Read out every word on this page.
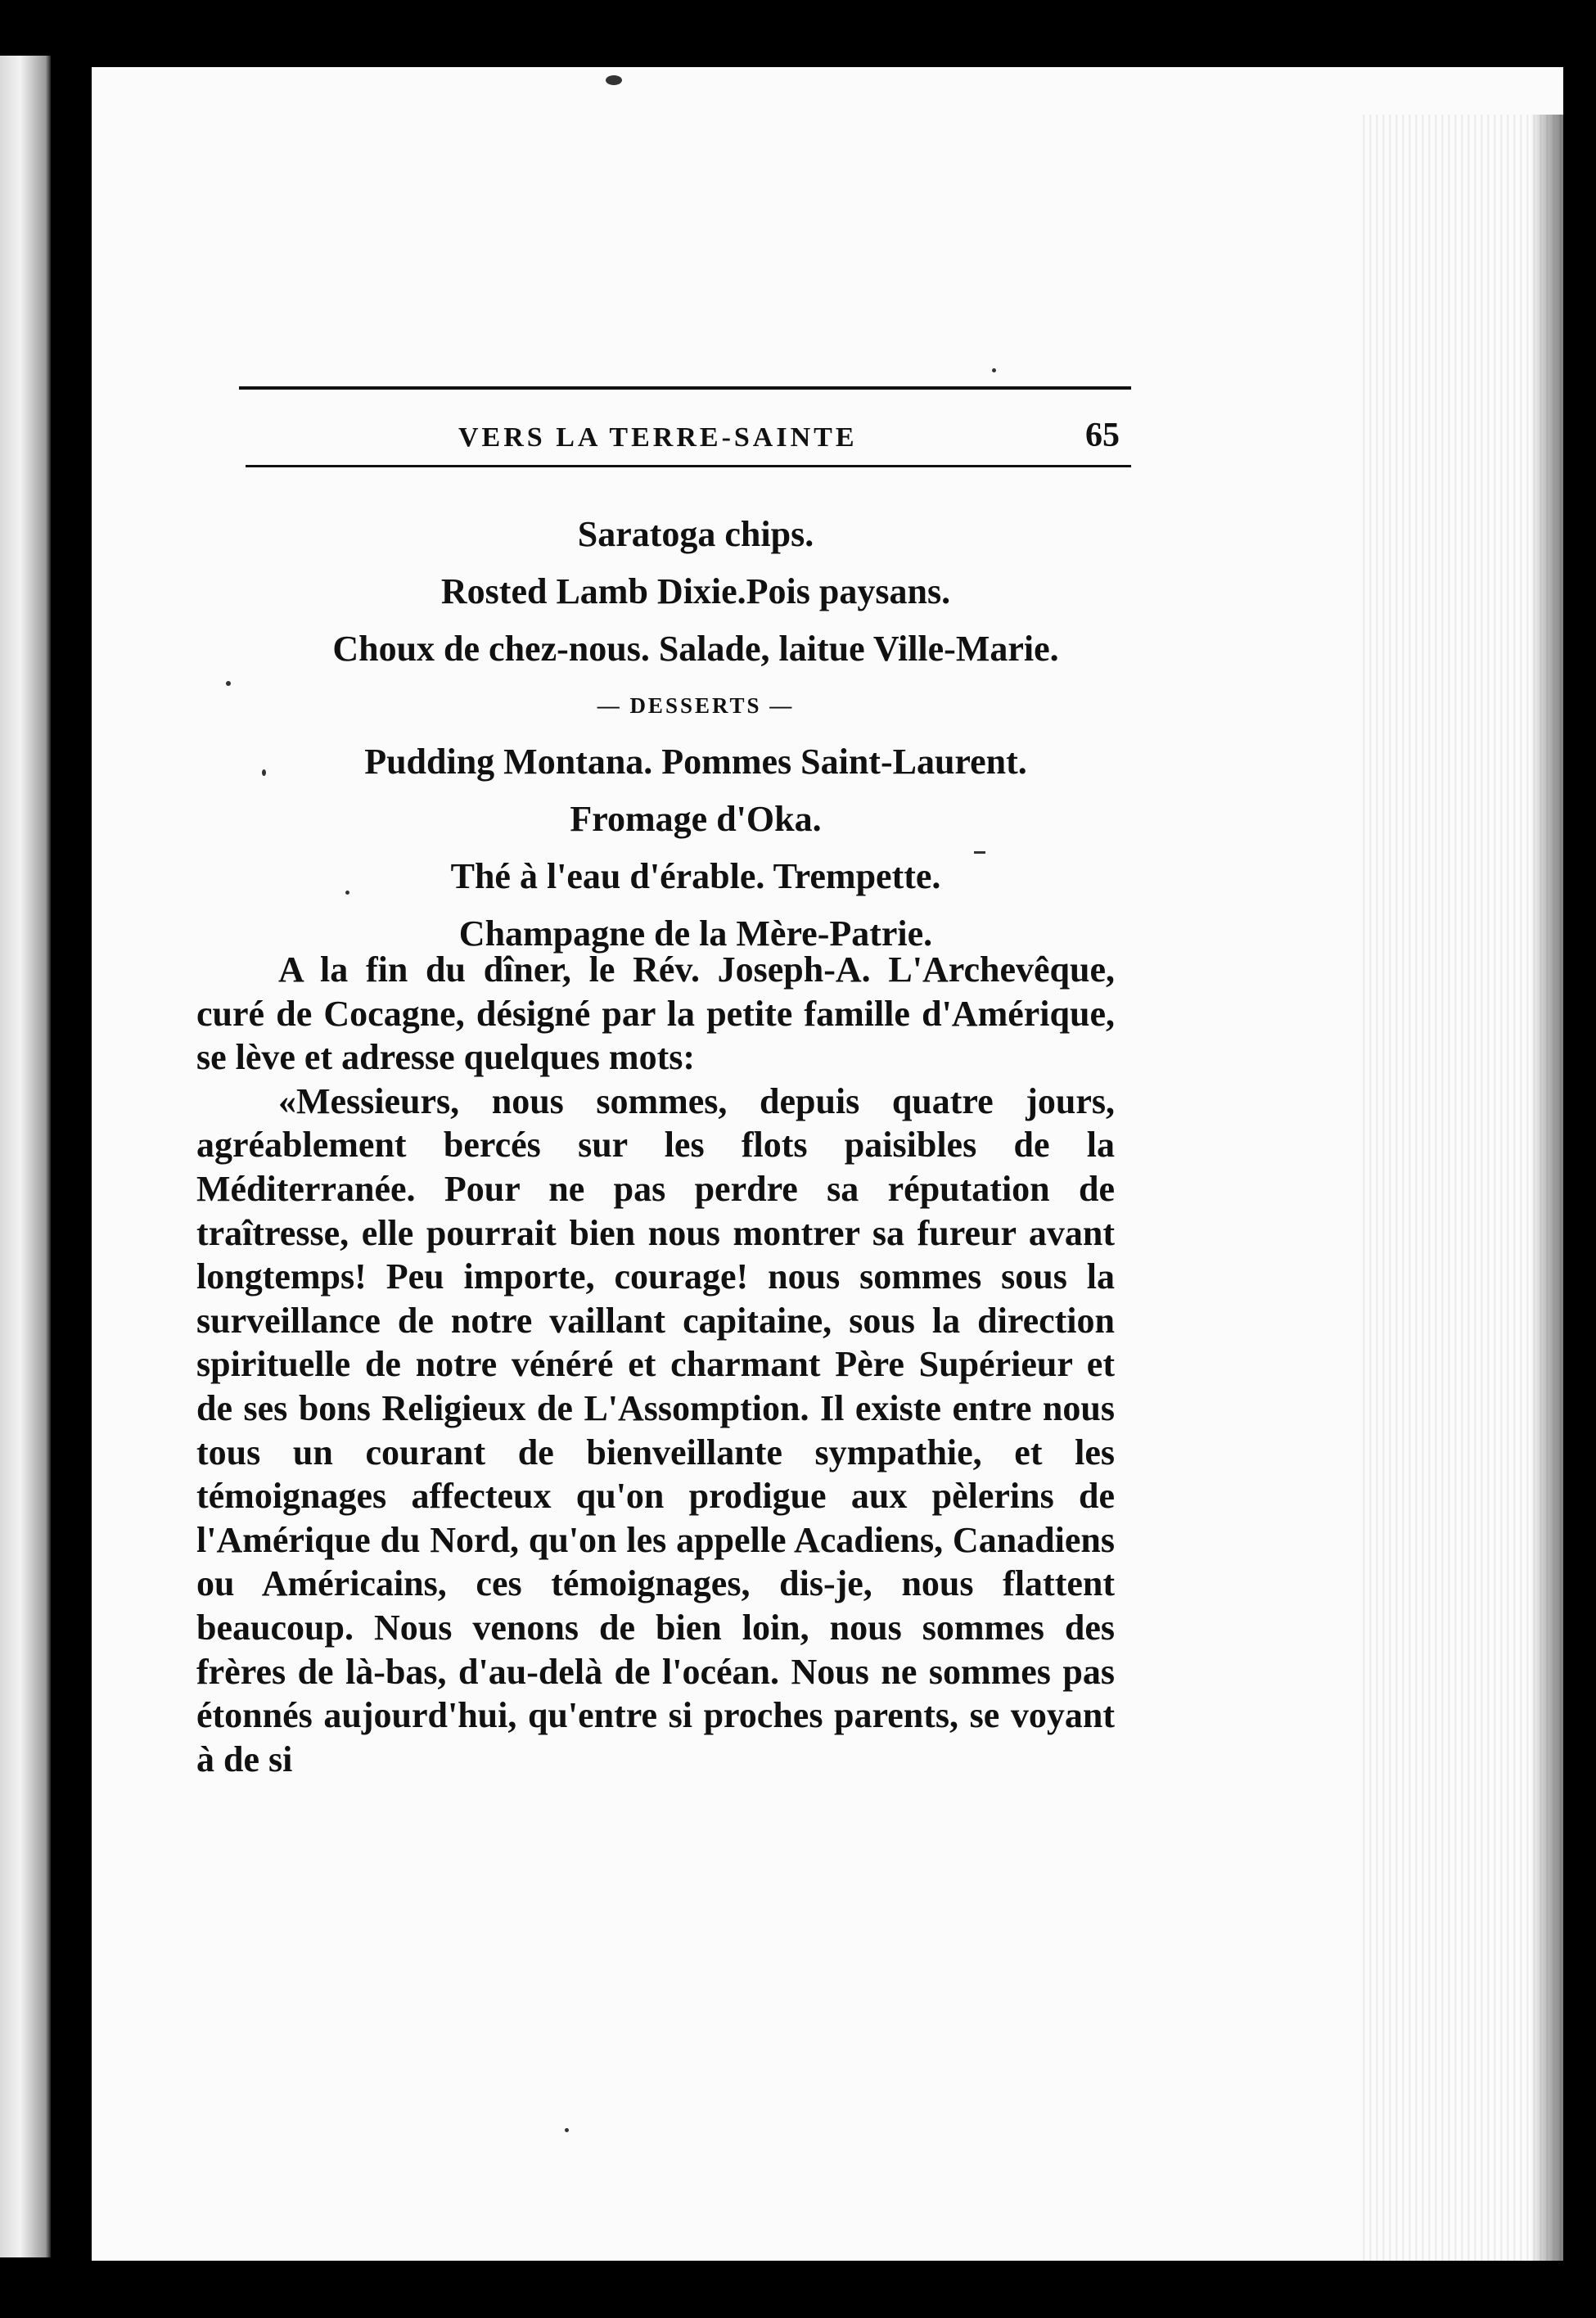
VERS LA TERRE-SAINTE	65
Saratoga chips.
Rosted Lamb Dixie.Pois paysans.
Choux de chez-nous. Salade, laitue Ville-Marie.
— DESSERTS —
Pudding Montana. Pommes Saint-Laurent.
Fromage d'Oka.
Thé à l'eau d'érable. Trempette.
Champagne de la Mère-Patrie.

A la fin du dîner, le Rév. Joseph-A. L'Archevêque, curé de Cocagne, désigné par la petite famille d'Amérique, se lève et adresse quelques mots:

«Messieurs, nous sommes, depuis quatre jours, agréablement bercés sur les flots paisibles de la Méditerranée. Pour ne pas perdre sa réputation de traîtresse, elle pourrait bien nous montrer sa fureur avant longtemps! Peu importe, courage! nous sommes sous la surveillance de notre vaillant capitaine, sous la direction spirituelle de notre vénéré et charmant Père Supérieur et de ses bons Religieux de L'Assomption. Il existe entre nous tous un courant de bienveillante sympathie, et les témoignages affecteux qu'on prodigue aux pèlerins de l'Amérique du Nord, qu'on les appelle Acadiens, Canadiens ou Américains, ces témoignages, dis-je, nous flattent beaucoup. Nous venons de bien loin, nous sommes des frères de là-bas, d'au-delà de l'océan. Nous ne sommes pas étonnés aujourd'hui, qu'entre si proches parents, se voyant à de si
